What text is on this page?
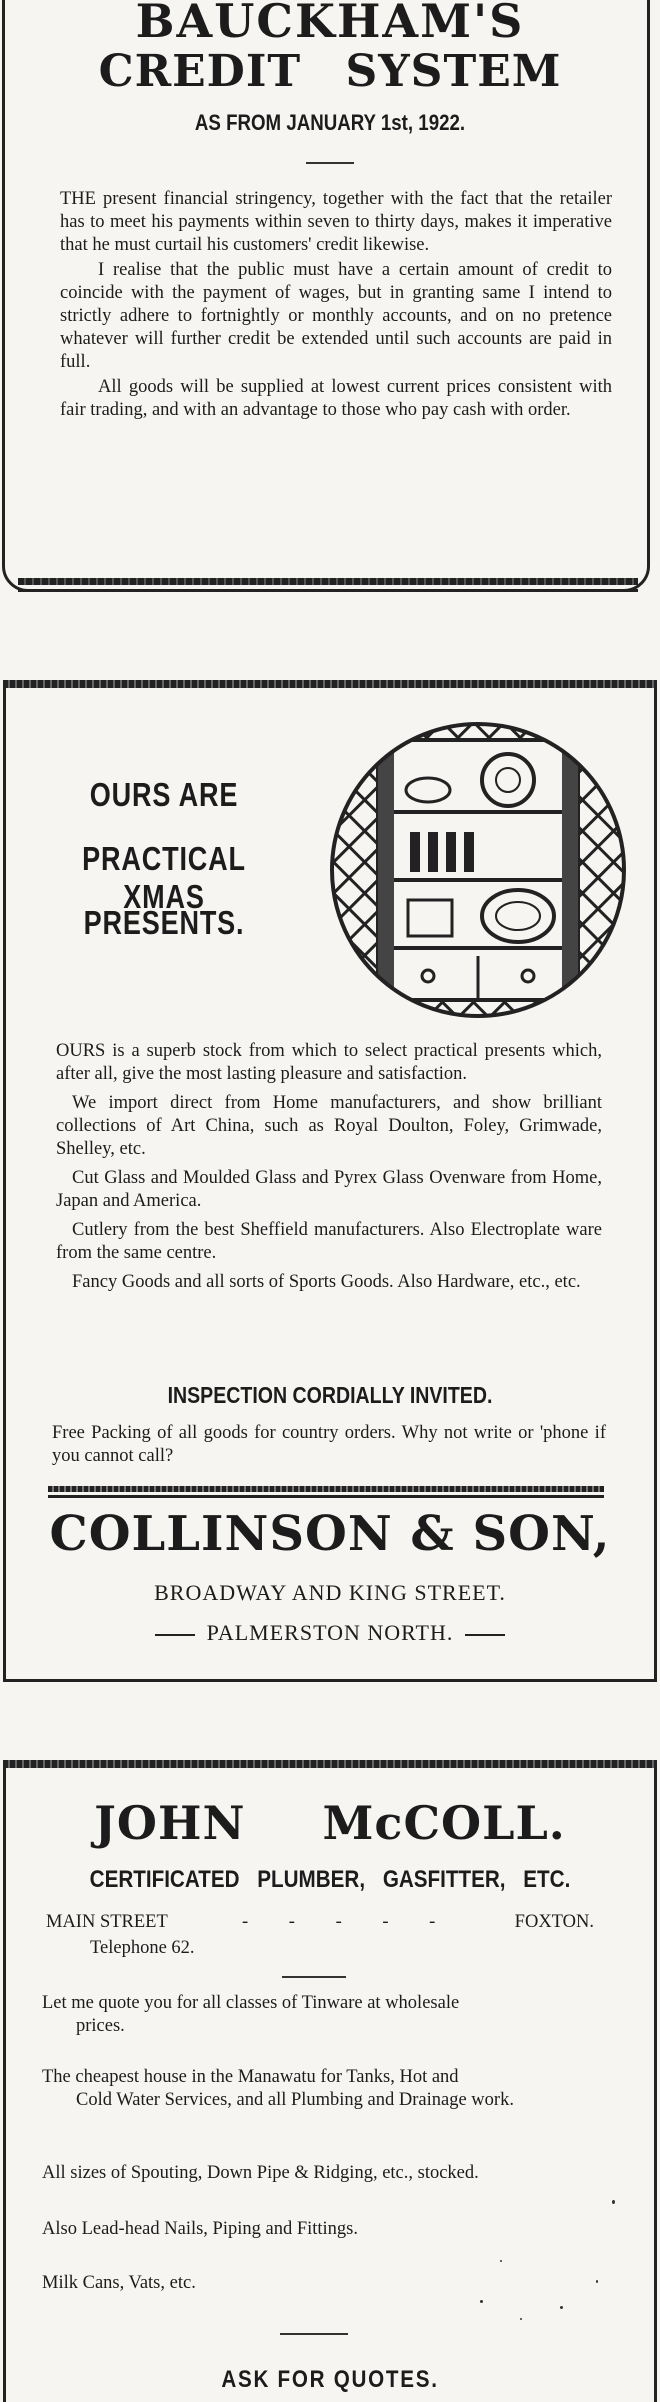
BAUCKHAM'S
CREDIT SYSTEM
AS FROM JANUARY 1st, 1922.

THE present financial stringency, together with the fact that the retailer has to meet his payments within seven to thirty days, makes it imperative that he must curtail his customers' credit likewise.

I realise that the public must have a certain amount of credit to coincide with the payment of wages, but in granting same I intend to strictly adhere to fortnightly or monthly accounts, and on no pretence whatever will further credit be extended until such accounts are paid in full.

All goods will be supplied at lowest current prices consistent with fair trading, and with an advantage to those who pay cash with order.

OURS ARE
PRACTICAL XMAS
PRESENTS.

OURS is a superb stock from which to select practical presents which, after all, give the most lasting pleasure and satisfaction.

We import direct from Home manufacturers, and show brilliant collections of Art China, such as Royal Doulton, Foley, Grimwade, Shelley, etc.

Cut Glass and Moulded Glass and Pyrex Glass Ovenware from Home, Japan and America.

Cutlery from the best Sheffield manufacturers. Also Electroplate ware from the same centre.

Fancy Goods and all sorts of Sports Goods. Also Hardware, etc., etc.

INSPECTION CORDIALLY INVITED.

Free Packing of all goods for country orders. Why not write or 'phone if you cannot call?

COLLINSON & SON,
BROADWAY AND KING STREET.
PALMERSTON NORTH.
JOHN McCOLL.
CERTIFICATED PLUMBER, GASFITTER, ETC.
MAIN STREET	- - - - -	FOXTON.
Telephone 62.
Let me quote you for all classes of Tinware at wholesale
prices.
The cheapest house in the Manawatu for Tanks, Hot and
Cold Water Services, and all Plumbing and Drainage work.
All sizes of Spouting, Down Pipe & Ridging, etc., stocked.
Also Lead-head Nails, Piping and Fittings.
Milk Cans, Vats, etc.
ASK FOR QUOTES.
